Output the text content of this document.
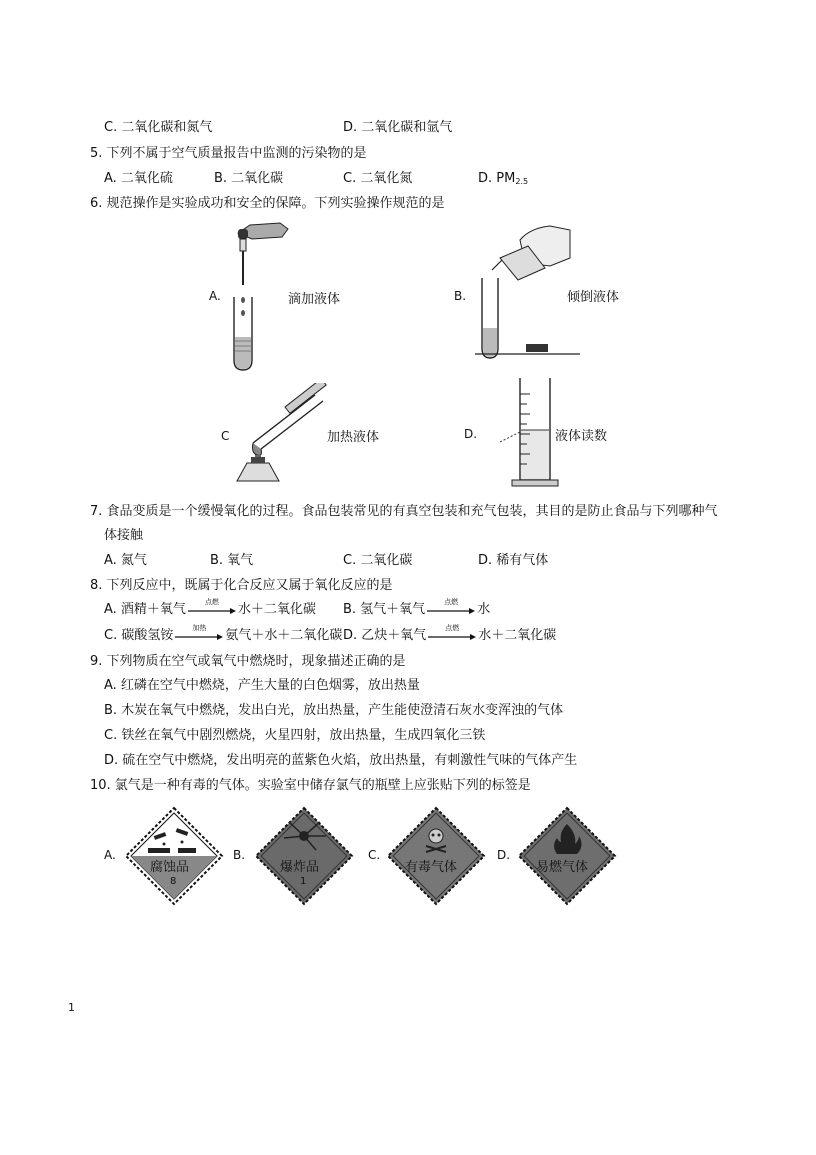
C. 二氧化碳和氮气	D. 二氧化碳和氩气
5. 下列不属于空气质量报告中监测的污染物的是
A. 二氧化硫	B. 二氧化碳	C. 二氧化氮	D. $PM_{2.5}$
6. 规范操作是实验成功和安全的保障。下列实验操作规范的是
A.	滴加液体	B.	倾倒液体
C	加热液体	D.	液体读数
7. 食品变质是一个缓慢氧化的过程。食品包装常见的有真空包装和充气包装，其目的是防止食品与下列哪种气
体接触
A. 氮气	B. 氧气	C. 二氧化碳	D. 稀有气体
8. 下列反应中，既属于化合反应又属于氧化反应的是
A. 酒精＋氧气
点燃
水＋二氧化碳 B. 氢气＋氧气
点燃
水
C. 碳酸氢铵
加热
氨气＋水＋二氧化碳 D. 乙炔＋氧气
点燃
水＋二氧化碳
9. 下列物质在空气或氧气中燃烧时，现象描述正确的是
A. 红磷在空气中燃烧，产生大量的白色烟雾，放出热量
B. 木炭在氧气中燃烧，发出白光，放出热量，产生能使澄清石灰水变浑浊的气体
C. 铁丝在氧气中剧烈燃烧，火星四射，放出热量，生成四氧化三铁
D. 硫在空气中燃烧，发出明亮的蓝紫色火焰，放出热量，有刺激性气味的气体产生
10. 氯气是一种有毒的气体。实验室中储存氯气的瓶壁上应张贴下列的标签是
A.
腐蚀品
8
B.
爆炸品
1
C.
有毒气体
D.
易燃气体
1
